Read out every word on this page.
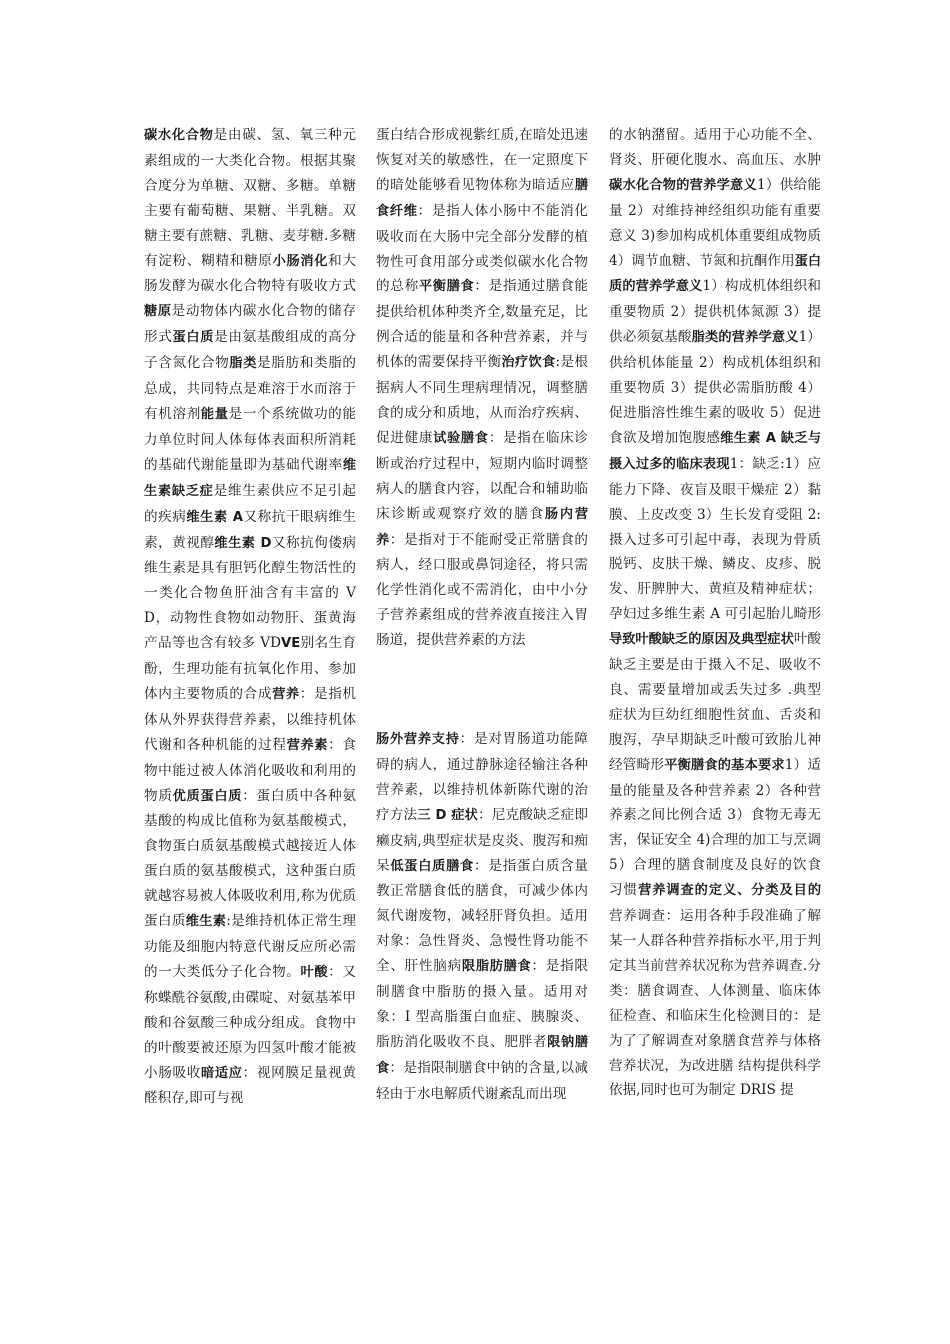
碳水化合物是由碳、氢、氧三种元素组成的一大类化合物。根据其聚合度分为单糖、双糖、多糖。单糖主要有葡萄糖、果糖、半乳糖。双糖主要有蔗糖、乳糖、麦芽糖.多糖有淀粉、糊精和糖原小肠消化和大肠发酵为碳水化合物特有吸收方式糖原是动物体内碳水化合物的储存形式蛋白质是由氨基酸组成的高分子含氮化合物脂类是脂肪和类脂的总成，共同特点是难溶于水而溶于有机溶剂能量是一个系统做功的能力单位时间人体每体表面积所消耗的基础代谢能量即为基础代谢率维生素缺乏症是维生素供应不足引起的疾病维生素 A又称抗干眼病维生素，黄视醇维生素 D又称抗佝偻病维生素是具有胆钙化醇生物活性的一类化合物鱼肝油含有丰富的 VD，动物性食物如动物肝、蛋黄海产品等也含有较多 VDVE别名生育酚，生理功能有抗氧化作用、参加体内主要物质的合成营养：是指机体从外界获得营养素，以维持机体代谢和各种机能的过程营养素：食物中能过被人体消化吸收和利用的物质优质蛋白质：蛋白质中各种氨基酸的构成比值称为氨基酸模式，食物蛋白质氨基酸模式越接近人体蛋白质的氨基酸模式，这种蛋白质就越容易被人体吸收利用,称为优质蛋白质维生素:是维持机体正常生理功能及细胞内特意代谢反应所必需的一大类低分子化合物。叶酸：又称蝶酰谷氨酸,由碟啶、对氨基苯甲酸和谷氨酸三种成分组成。食物中的叶酸要被还原为四氢叶酸才能被小肠吸收暗适应：视网膜足量视黄醛积存,即可与视
蛋白结合形成视紫红质,在暗处迅速恢复对关的敏感性，在一定照度下的暗处能够看见物体称为暗适应膳食纤维：是指人体小肠中不能消化吸收而在大肠中完全部分发酵的植物性可食用部分或类似碳水化合物的总称平衡膳食：是指通过膳食能提供给机体种类齐全,数量充足，比例合适的能量和各种营养素，并与机体的需要保持平衡治疗饮食:是根据病人不同生理病理情况，调整膳食的成分和质地，从而治疗疾病、促进健康试验膳食：是指在临床诊断或治疗过程中，短期内临时调整病人的膳食内容，以配合和辅助临床诊断或观察疗效的膳食肠内营养：是指对于不能耐受正常膳食的病人，经口服或鼻饲途径，将只需化学性消化或不需消化，由中小分子营养素组成的营养液直接注入胃肠道，提供营养素的方法
肠外营养支持：是对胃肠道功能障碍的病人，通过静脉途径输注各种营养素，以维持机体新陈代谢的治疗方法三 D 症状：尼克酸缺乏症即癞皮病,典型症状是皮炎、腹泻和痴呆低蛋白质膳食：是指蛋白质含量教正常膳食低的膳食，可减少体内氮代谢废物，减轻肝肾负担。适用对象：急性肾炎、急慢性肾功能不全、肝性脑病限脂肪膳食：是指限制膳食中脂肪的摄入量。适用对象：I 型高脂蛋白血症、胰腺炎、脂肪消化吸收不良、肥胖者限钠膳食：是指限制膳食中钠的含量,以减轻由于水电解质代谢紊乱而出现
的水钠潴留。适用于心功能不全、肾炎、肝硬化腹水、高血压、水肿碳水化合物的营养学意义1）供给能量 2）对维持神经组织功能有重要意义 3)参加构成机体重要组成物质 4）调节血糖、节氮和抗酮作用蛋白质的营养学意义1）构成机体组织和重要物质 2）提供机体氮源 3）提供必须氨基酸脂类的营养学意义1）供给机体能量 2）构成机体组织和重要物质 3）提供必需脂肪酸 4）促进脂溶性维生素的吸收 5）促进食欲及增加饱腹感维生素 A 缺乏与摄入过多的临床表现1：缺乏:1）应能力下降、夜盲及眼干燥症 2）黏膜、上皮改变 3）生长发育受阻 2:摄入过多可引起中毒，表现为骨质脱钙、皮肤干燥、鳞皮、皮疹、脱发、肝脾肿大、黄疸及精神症状；孕妇过多维生素 A 可引起胎儿畸形导致叶酸缺乏的原因及典型症状叶酸缺乏主要是由于摄入不足、吸收不良、需要量增加或丢失过多 .典型症状为巨幼红细胞性贫血、舌炎和腹泻，孕早期缺乏叶酸可致胎儿神经管畸形平衡膳食的基本要求1）适量的能量及各种营养素 2）各种营养素之间比例合适 3）食物无毒无害，保证安全 4)合理的加工与烹调 5）合理的膳食制度及良好的饮食习惯营养调查的定义、分类及目的营养调查：运用各种手段准确了解某一人群各种营养指标水平,用于判定其当前营养状况称为营养调查.分类：膳食调查、人体测量、临床体征检查、和临床生化检测目的：是为了了解调查对象膳食营养与体格营养状况，为改进膳 结构提供科学依据,同时也可为制定 DRIS 提
